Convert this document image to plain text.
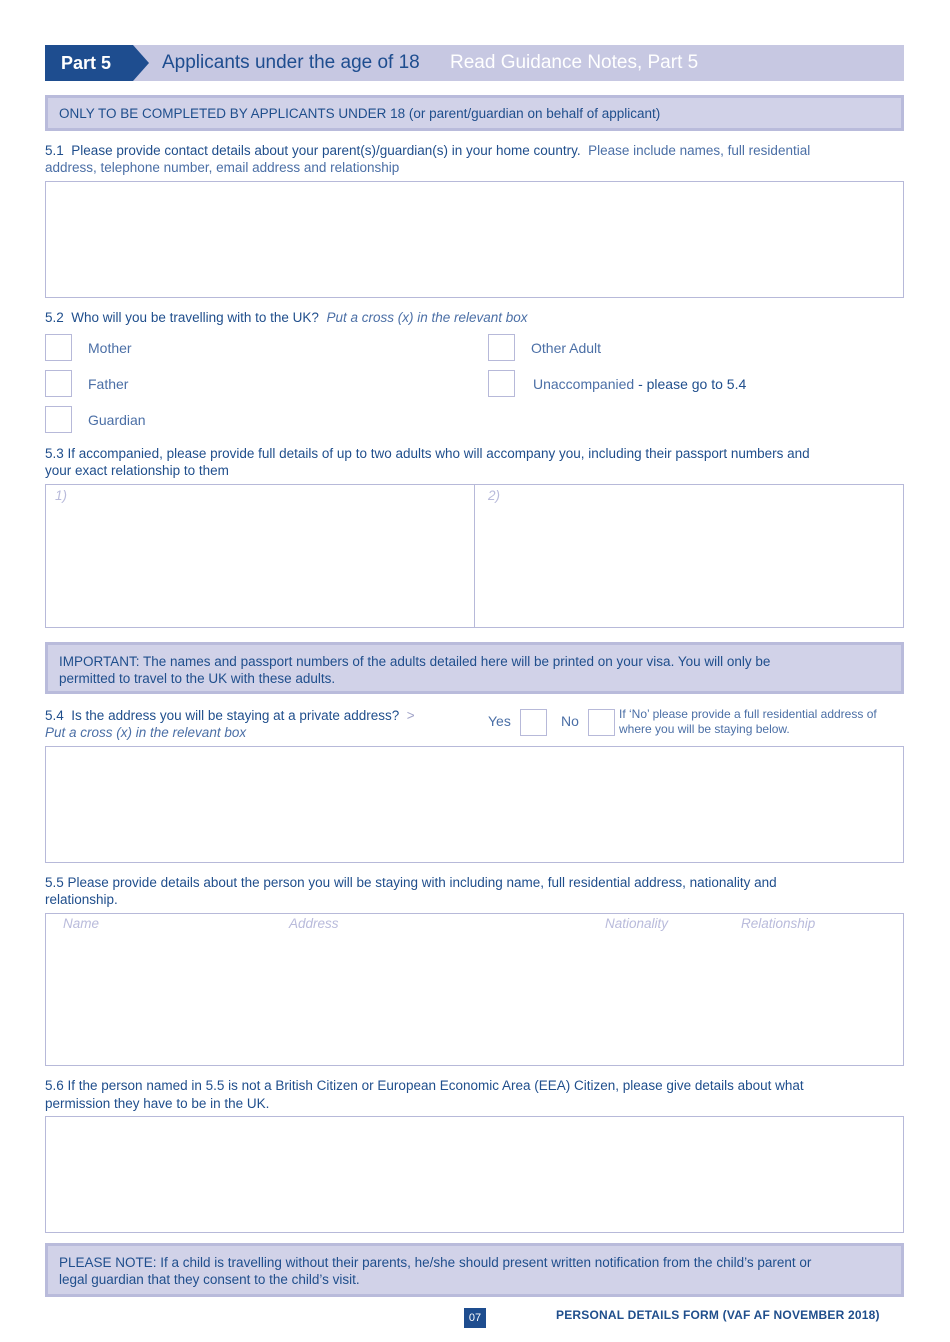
Part 5	Applicants under the age of 18 Read Guidance Notes, Part 5
ONLY TO BE COMPLETED BY APPLICANTS UNDER 18 (or parent/guardian on behalf of applicant)
5.1 Please provide contact details about your parent(s)/guardian(s) in your home country. Please include names, full residential
address, telephone number, email address and relationship
5.2 Who will you be travelling with to the UK? Put a cross (x) in the relevant box
Mother
Father
Guardian
Other Adult
Unaccompanied - please go to 5.4
5.3 If accompanied, please provide full details of up to two adults who will accompany you, including their passport numbers and
your exact relationship to them
1)	2)
IMPORTANT: The names and passport numbers of the adults detailed here will be printed on your visa. You will only be
permitted to travel to the UK with these adults.
5.4 Is the address you will be staying at a private address? >
Put a cross (x) in the relevant box
Yes	No	If ‘No’ please provide a full residential address of
where you will be staying below.
5.5 Please provide details about the person you will be staying with including name, full residential address, nationality and
relationship.
Name	Address	Nationality	Relationship
5.6 If the person named in 5.5 is not a British Citizen or European Economic Area (EEA) Citizen, please give details about what
permission they have to be in the UK.
PLEASE NOTE: If a child is travelling without their parents, he/she should present written notification from the child’s parent or
legal guardian that they consent to the child’s visit.
07	PERSONAL DETAILS FORM (VAF AF NOVEMBER 2018)
